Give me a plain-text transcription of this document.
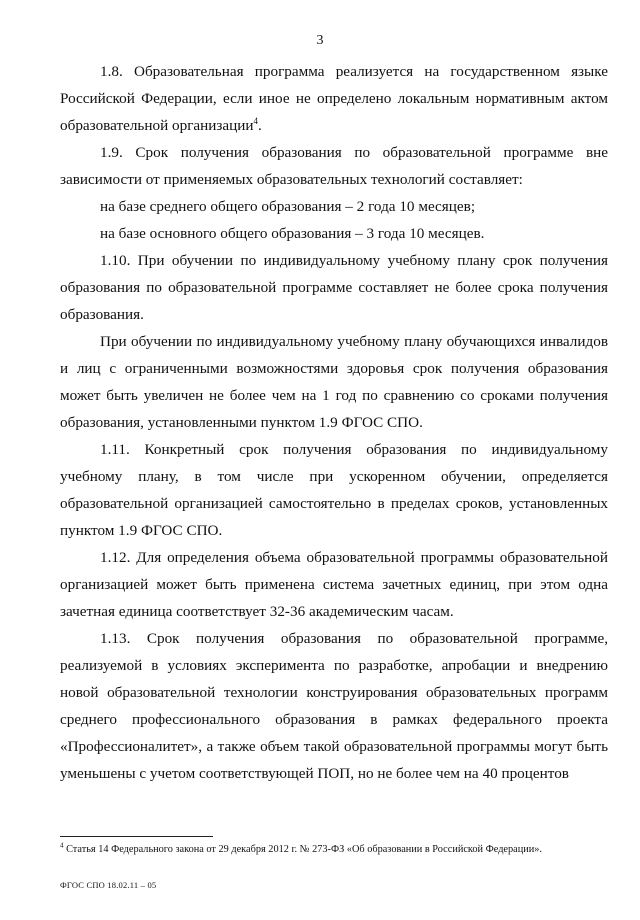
3

1.8. Образовательная программа реализуется на государственном языке Российской Федерации, если иное не определено локальным нормативным актом образовательной организации$^4$.

1.9. Срок получения образования по образовательной программе вне зависимости от применяемых образовательных технологий составляет:

на базе среднего общего образования – 2 года 10 месяцев;

на базе основного общего образования – 3 года 10 месяцев.

1.10. При обучении по индивидуальному учебному плану срок получения образования по образовательной программе составляет не более срока получения образования.

При обучении по индивидуальному учебному плану обучающихся инвалидов и лиц с ограниченными возможностями здоровья срок получения образования может быть увеличен не более чем на 1 год по сравнению со сроками получения образования, установленными пунктом 1.9 ФГОС СПО.

1.11. Конкретный срок получения образования по индивидуальному учебному плану, в том числе при ускоренном обучении, определяется образовательной организацией самостоятельно в пределах сроков, установленных пунктом 1.9 ФГОС СПО.

1.12. Для определения объема образовательной программы образовательной организацией может быть применена система зачетных единиц, при этом одна зачетная единица соответствует 32-36 академическим часам.

1.13. Срок получения образования по образовательной программе, реализуемой в условиях эксперимента по разработке, апробации и внедрению новой образовательной технологии конструирования образовательных программ среднего профессионального образования в рамках федерального проекта «Профессионалитет», а также объем такой образовательной программы могут быть уменьшены с учетом соответствующей ПОП, но не более чем на 40 процентов

$^4$ Статья 14 Федерального закона от 29 декабря 2012 г. № 273-ФЗ «Об образовании в Российской Федерации».
ФГОС СПО 18.02.11 – 05
